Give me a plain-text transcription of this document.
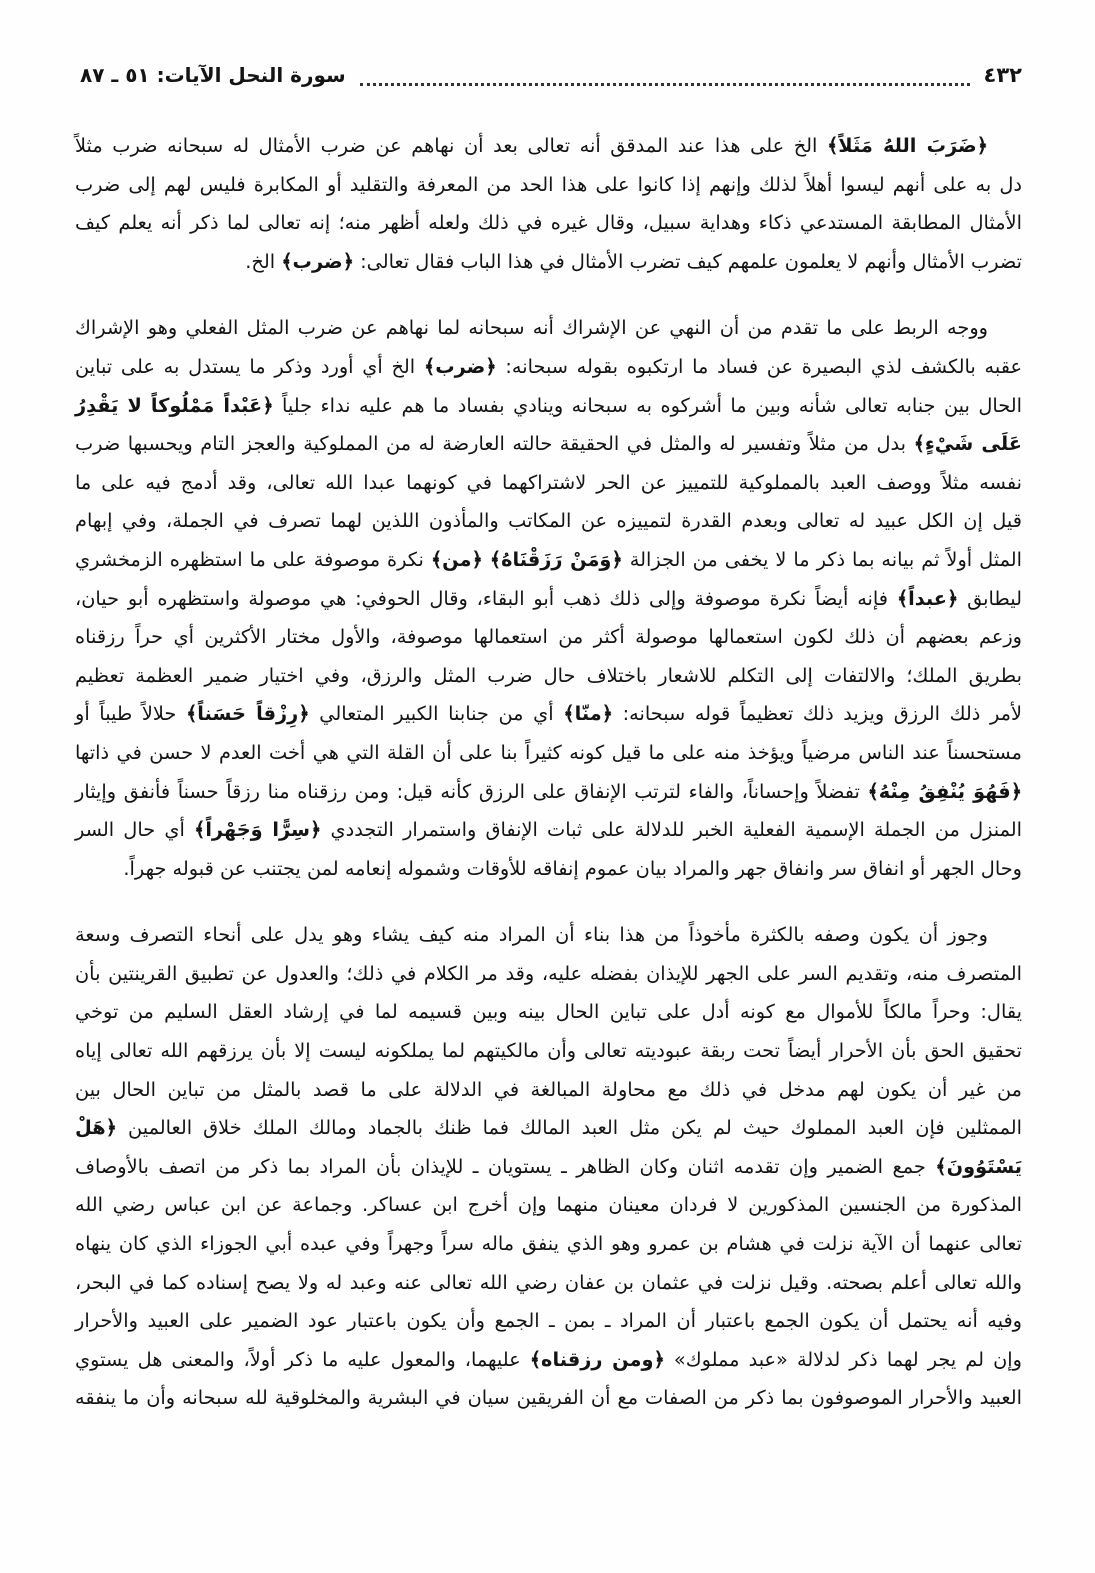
٤٣٢
سورة النحل الآيات: ٥١ ـ ٨٧
﴿ضَرَبَ اللهُ مَثَلاً﴾ الخ على هذا عند المدقق أنه تعالى بعد أن نهاهم عن ضرب الأمثال له سبحانه ضرب مثلاً
دل به على أنهم ليسوا أهلاً لذلك وإنهم إذا كانوا على هذا الحد من المعرفة والتقليد أو المكابرة فليس لهم إلى ضرب
الأمثال المطابقة المستدعي ذكاء وهداية سبيل، وقال غيره في ذلك ولعله أظهر منه؛ إنه تعالى لما ذكر أنه يعلم كيف
تضرب الأمثال وأنهم لا يعلمون علمهم كيف تضرب الأمثال في هذا الباب فقال تعالى: ﴿ضرب﴾ الخ.
ووجه الربط على ما تقدم من أن النهي عن الإشراك أنه سبحانه لما نهاهم عن ضرب المثل الفعلي وهو الإشراك
عقبه بالكشف لذي البصيرة عن فساد ما ارتكبوه بقوله سبحانه: ﴿ضرب﴾ الخ أي أورد وذكر ما يستدل به على تباين
الحال بين جنابه تعالى شأنه وبين ما أشركوه به سبحانه وينادي بفساد ما هم عليه نداء جلياً ﴿عَبْداً مَمْلُوكاً لا يَقْدِرُ
عَلَى شَيْءٍ﴾ بدل من مثلاً وتفسير له والمثل في الحقيقة حالته العارضة له من المملوكية والعجز التام ويحسبها ضرب
نفسه مثلاً ووصف العبد بالمملوكية للتمييز عن الحر لاشتراكهما في كونهما عبدا الله تعالى، وقد أدمج فيه على ما
قيل إن الكل عبيد له تعالى وبعدم القدرة لتمييزه عن المكاتب والمأذون اللذين لهما تصرف في الجملة، وفي إبهام
المثل أولاً ثم بيانه بما ذكر ما لا يخفى من الجزالة ﴿وَمَنْ رَزَقْنَاهُ﴾ ﴿من﴾ نكرة موصوفة على ما استظهره الزمخشري
ليطابق ﴿عبداً﴾ فإنه أيضاً نكرة موصوفة وإلى ذلك ذهب أبو البقاء، وقال الحوفي: هي موصولة واستظهره أبو حيان،
وزعم بعضهم أن ذلك لكون استعمالها موصولة أكثر من استعمالها موصوفة، والأول مختار الأكثرين أي حراً رزقناه
بطريق الملك؛ والالتفات إلى التكلم للاشعار باختلاف حال ضرب المثل والرزق، وفي اختيار ضمير العظمة تعظيم
لأمر ذلك الرزق ويزيد ذلك تعظيماً قوله سبحانه: ﴿منّا﴾ أي من جنابنا الكبير المتعالي ﴿رِزْقاً حَسَناً﴾ حلالاً طيباً أو
مستحسناً عند الناس مرضياً ويؤخذ منه على ما قيل كونه كثيراً بنا على أن القلة التي هي أخت العدم لا حسن في ذاتها
﴿فَهُوَ يُنْفِقُ مِنْهُ﴾ تفضلاً وإحساناً، والفاء لترتب الإنفاق على الرزق كأنه قيل: ومن رزقناه منا رزقاً حسناً فأنفق وإيثار
المنزل من الجملة الإسمية الفعلية الخبر للدلالة على ثبات الإنفاق واستمرار التجددي ﴿سِرًّا وَجَهْراً﴾ أي حال السر
وحال الجهر أو انفاق سر وانفاق جهر والمراد بيان عموم إنفاقه للأوقات وشموله إنعامه لمن يجتنب عن قبوله جهراً.
وجوز أن يكون وصفه بالكثرة مأخوذاً من هذا بناء أن المراد منه كيف يشاء وهو يدل على أنحاء التصرف وسعة
المتصرف منه، وتقديم السر على الجهر للإيذان بفضله عليه، وقد مر الكلام في ذلك؛ والعدول عن تطبيق القرينتين بأن
يقال: وحراً مالكاً للأموال مع كونه أدل على تباين الحال بينه وبين قسيمه لما في إرشاد العقل السليم من توخي
تحقيق الحق بأن الأحرار أيضاً تحت ربقة عبوديته تعالى وأن مالكيتهم لما يملكونه ليست إلا بأن يرزقهم الله تعالى إياه
من غير أن يكون لهم مدخل في ذلك مع محاولة المبالغة في الدلالة على ما قصد بالمثل من تباين الحال بين
الممثلين فإن العبد المملوك حيث لم يكن مثل العبد المالك فما ظنك بالجماد ومالك الملك خلاق العالمين ﴿هَلْ
يَسْتَوُونَ﴾ جمع الضمير وإن تقدمه اثنان وكان الظاهر ـ يستويان ـ للإيذان بأن المراد بما ذكر من اتصف بالأوصاف
المذكورة من الجنسين المذكورين لا فردان معينان منهما وإن أخرج ابن عساكر. وجماعة عن ابن عباس رضي الله
تعالى عنهما أن الآية نزلت في هشام بن عمرو وهو الذي ينفق ماله سراً وجهراً وفي عبده أبي الجوزاء الذي كان ينهاه
والله تعالى أعلم بصحته. وقيل نزلت في عثمان بن عفان رضي الله تعالى عنه وعبد له ولا يصح إسناده كما في البحر،
وفيه أنه يحتمل أن يكون الجمع باعتبار أن المراد ـ بمن ـ الجمع وأن يكون باعتبار عود الضمير على العبيد والأحرار
وإن لم يجر لهما ذكر لدلالة «عبد مملوك» ﴿ومن رزقناه﴾ عليهما، والمعول عليه ما ذكر أولاً، والمعنى هل يستوي
العبيد والأحرار الموصوفون بما ذكر من الصفات مع أن الفريقين سيان في البشرية والمخلوقية لله سبحانه وأن ما ينفقه
